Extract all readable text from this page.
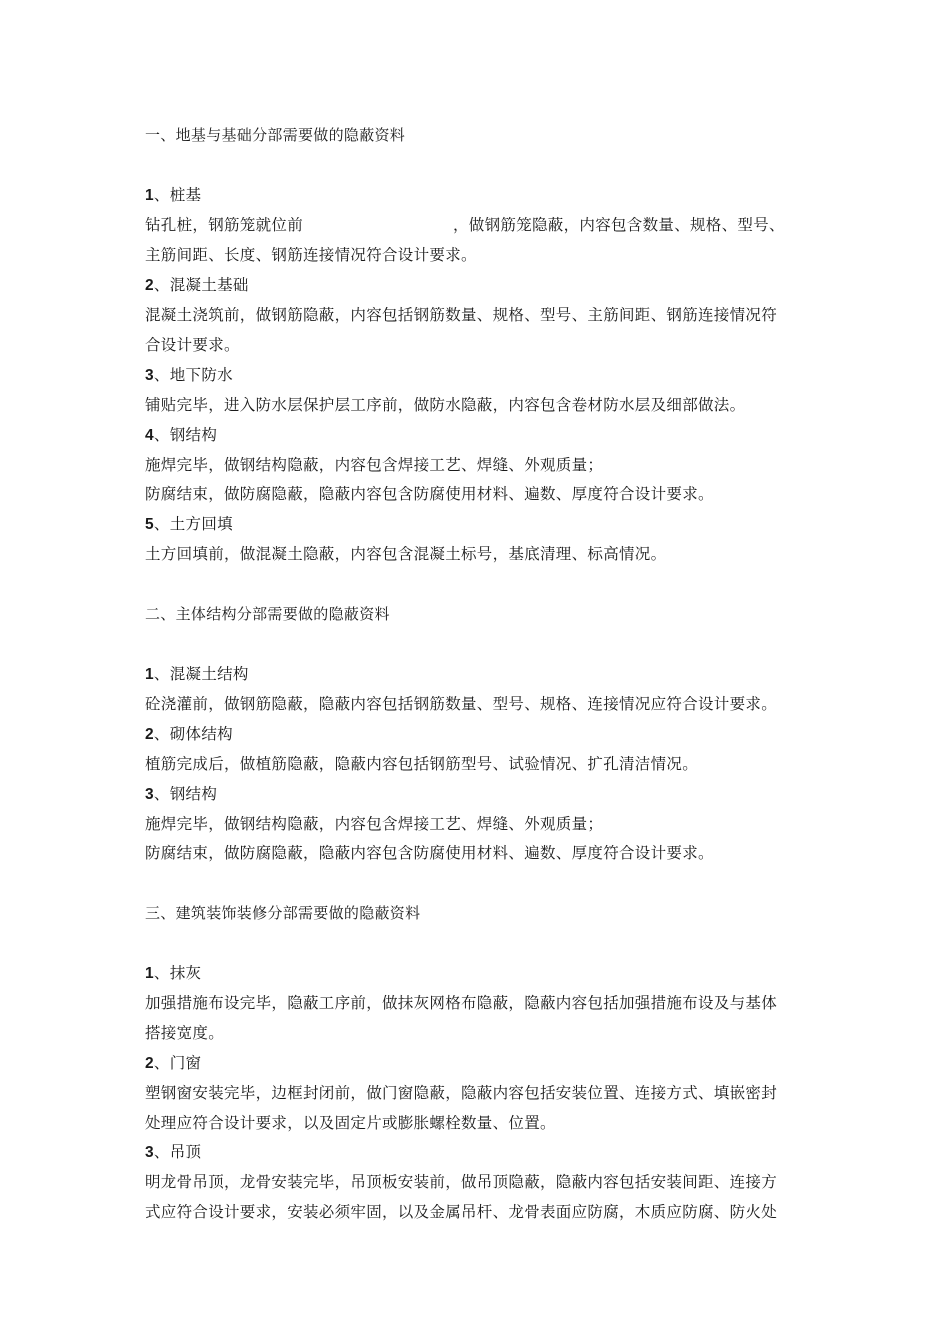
一、地基与基础分部需要做的隐蔽资料
1、桩基
钻孔桩，钢筋笼就位前	，做钢筋笼隐蔽，内容包含数量、规格、型号、
主筋间距、长度、钢筋连接情况符合设计要求。
2、混凝土基础
混凝土浇筑前，做钢筋隐蔽，内容包括钢筋数量、规格、型号、主筋间距、钢筋连接情况符
合设计要求。
3、地下防水
铺贴完毕，进入防水层保护层工序前，做防水隐蔽，内容包含卷材防水层及细部做法。
4、钢结构
施焊完毕，做钢结构隐蔽，内容包含焊接工艺、焊缝、外观质量；
防腐结束，做防腐隐蔽，隐蔽内容包含防腐使用材料、遍数、厚度符合设计要求。
5、土方回填
土方回填前，做混凝土隐蔽，内容包含混凝土标号，基底清理、标高情况。
二、主体结构分部需要做的隐蔽资料
1、混凝土结构
砼浇灌前，做钢筋隐蔽，隐蔽内容包括钢筋数量、型号、规格、连接情况应符合设计要求。
2、砌体结构
植筋完成后，做植筋隐蔽，隐蔽内容包括钢筋型号、试验情况、扩孔清洁情况。
3、钢结构
施焊完毕，做钢结构隐蔽，内容包含焊接工艺、焊缝、外观质量；
防腐结束，做防腐隐蔽，隐蔽内容包含防腐使用材料、遍数、厚度符合设计要求。
三、建筑装饰装修分部需要做的隐蔽资料
1、抹灰
加强措施布设完毕，隐蔽工序前，做抹灰网格布隐蔽，隐蔽内容包括加强措施布设及与基体
搭接宽度。
2、门窗
塑钢窗安装完毕，边框封闭前，做门窗隐蔽，隐蔽内容包括安装位置、连接方式、填嵌密封
处理应符合设计要求，以及固定片或膨胀螺栓数量、位置。
3、吊顶
明龙骨吊顶，龙骨安装完毕，吊顶板安装前，做吊顶隐蔽，隐蔽内容包括安装间距、连接方
式应符合设计要求，安装必须牢固，以及金属吊杆、龙骨表面应防腐，木质应防腐、防火处
